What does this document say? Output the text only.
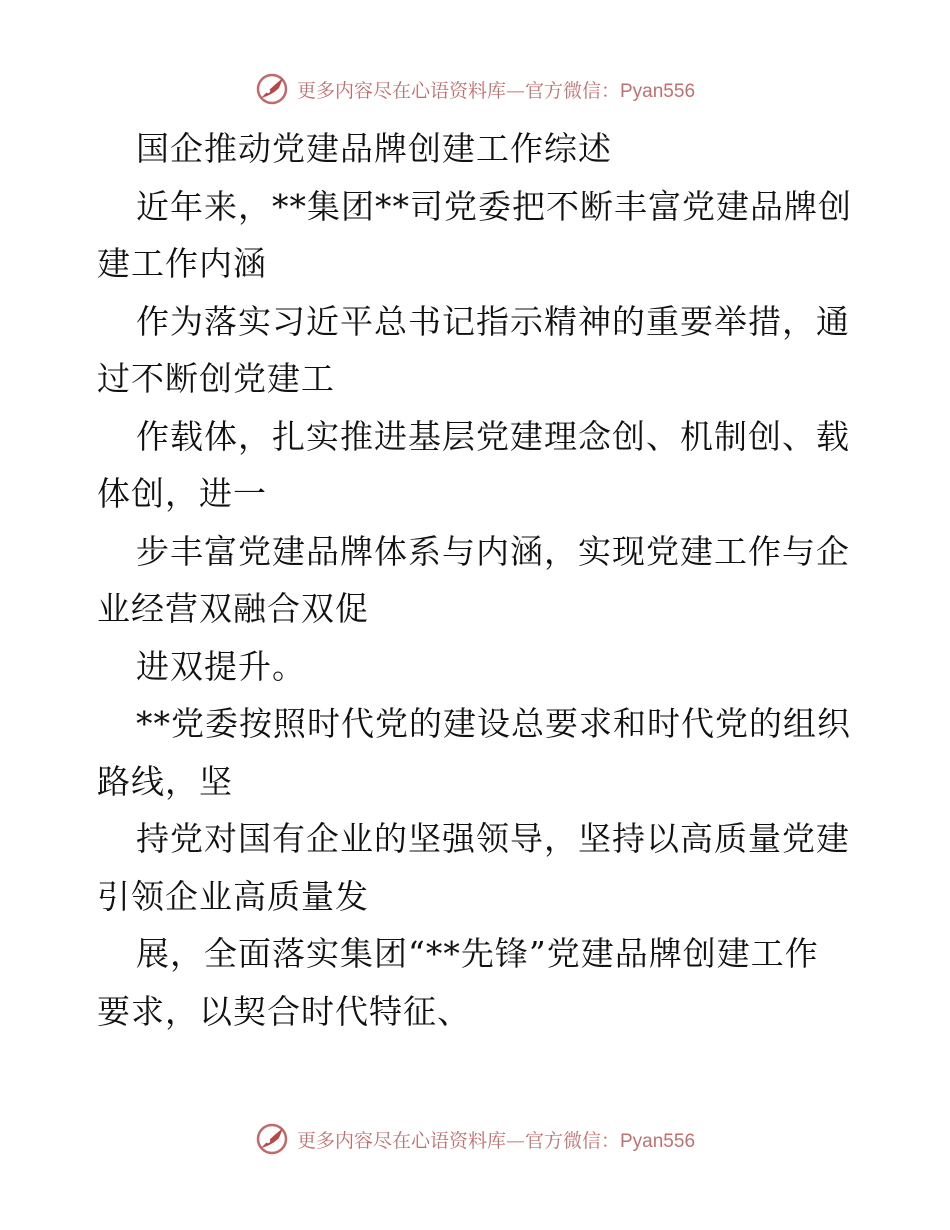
更多内容尽在心语资料库—官方微信：Pyan556
国企推动党建品牌创建工作综述
近年来，**集团**司党委把不断丰富党建品牌创
建工作内涵
作为落实习近平总书记指示精神的重要举措，通
过不断创党建工
作载体，扎实推进基层党建理念创、机制创、载
体创，进一
步丰富党建品牌体系与内涵，实现党建工作与企
业经营双融合双促
进双提升。
**党委按照时代党的建设总要求和时代党的组织
路线，坚
持党对国有企业的坚强领导，坚持以高质量党建
引领企业高质量发
展，全面落实集团“**先锋”党建品牌创建工作
要求，以契合时代特征、
更多内容尽在心语资料库—官方微信：Pyan556
